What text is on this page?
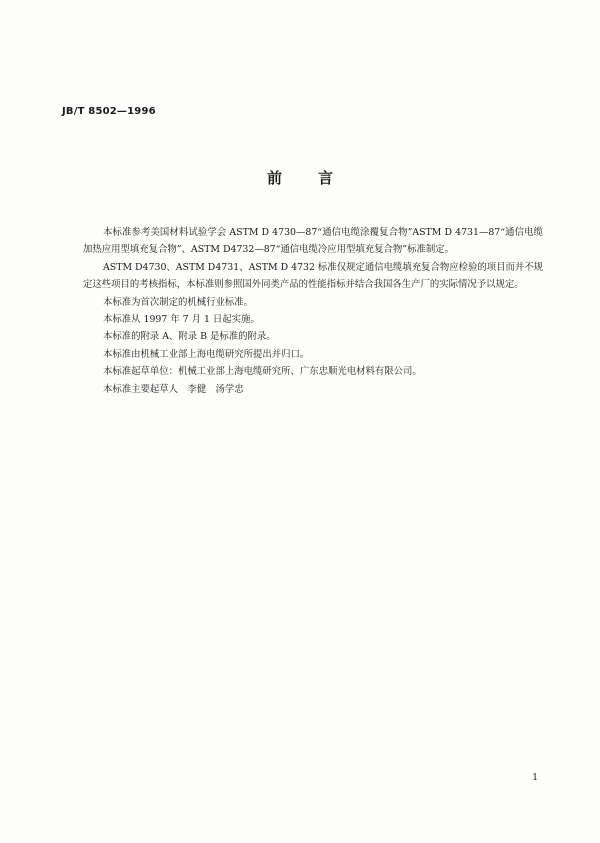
JB/T 8502—1996
前言

本标准参考美国材料试验学会 ASTM D 4730—87“通信电缆涂覆复合物”ASTM D 4731—87“通信电缆加热应用型填充复合物”、ASTM D4732—87“通信电缆冷应用型填充复合物”标准制定。

ASTM D4730、ASTM D4731、ASTM D 4732 标准仅规定通信电缆填充复合物应检验的项目而并不规定这些项目的考核指标，本标准则参照国外同类产品的性能指标并结合我国各生产厂的实际情况予以规定。

本标准为首次制定的机械行业标准。

本标准从 1997 年 7 月 1 日起实施。

本标准的附录 A、附录 B 是标准的附录。

本标准由机械工业部上海电缆研究所提出并归口。

本标准起草单位：机械工业部上海电缆研究所、广东忠顺光电材料有限公司。

本标准主要起草人　李健　汤学忠

1
